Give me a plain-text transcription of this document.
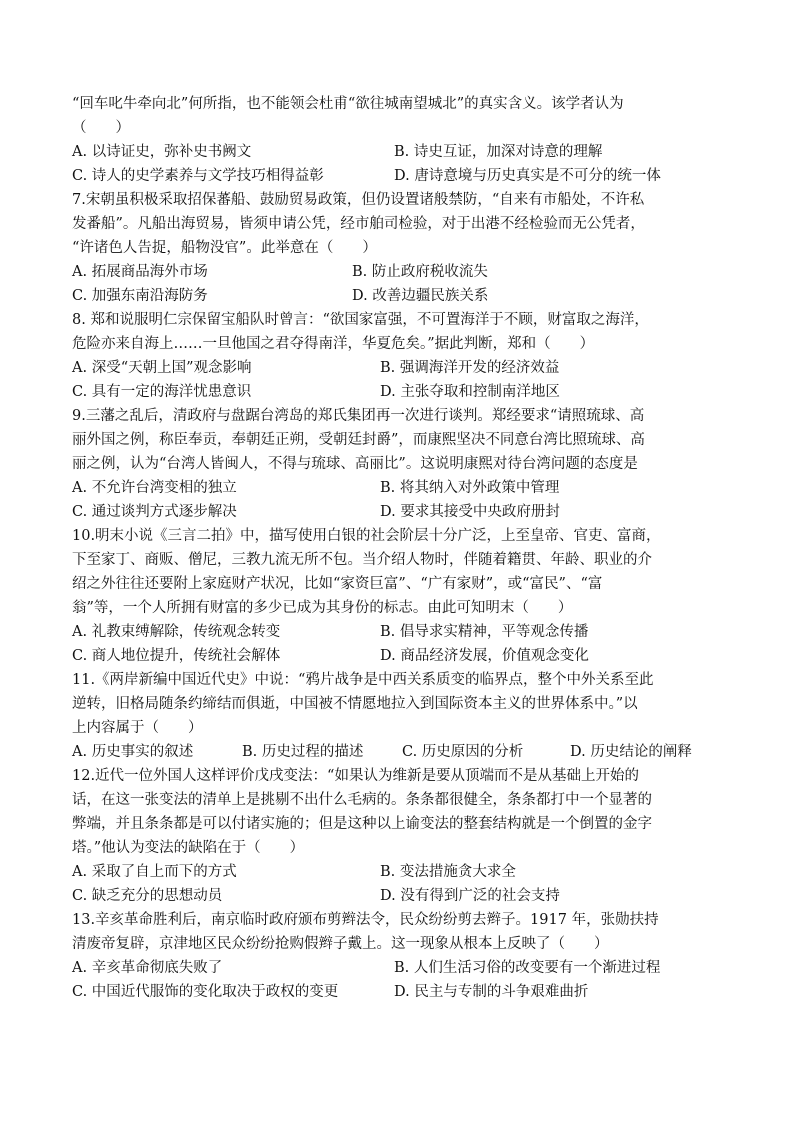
“回车叱牛牵向北”何所指，也不能领会杜甫“欲往城南望城北”的真实含义。该学者认为
（　　）
A. 以诗证史，弥补史书阙文	B. 诗史互证，加深对诗意的理解
C. 诗人的史学素养与文学技巧相得益彰	D. 唐诗意境与历史真实是不可分的统一体
7.宋朝虽积极采取招保蕃船、鼓励贸易政策，但仍设置诸般禁防，“自来有市船处，不许私
发番船”。凡船出海贸易，皆须申请公凭，经市舶司检验，对于出港不经检验而无公凭者，
“许诸色人告捉，船物没官”。此举意在（　　）
A. 拓展商品海外市场	B. 防止政府税收流失
C. 加强东南沿海防务	D. 改善边疆民族关系
8. 郑和说服明仁宗保留宝船队时曾言：“欲国家富强，不可置海洋于不顾，财富取之海洋，
危险亦来自海上……一旦他国之君夺得南洋，华夏危矣。”据此判断，郑和（　　）
A. 深受“天朝上国”观念影响	B. 强调海洋开发的经济效益
C. 具有一定的海洋忧患意识	D. 主张夺取和控制南洋地区
9.三藩之乱后，清政府与盘踞台湾岛的郑氏集团再一次进行谈判。郑经要求“请照琉球、高
丽外国之例，称臣奉贡，奉朝廷正朔，受朝廷封爵”，而康熙坚决不同意台湾比照琉球、高
丽之例，认为“台湾人皆闽人，不得与琉球、高丽比”。这说明康熙对待台湾问题的态度是
A. 不允许台湾变相的独立	B. 将其纳入对外政策中管理
C. 通过谈判方式逐步解决	D. 要求其接受中央政府册封
10.明末小说《三言二拍》中，描写使用白银的社会阶层十分广泛，上至皇帝、官吏、富商，
下至家丁、商贩、僧尼，三教九流无所不包。当介绍人物时，伴随着籍贯、年龄、职业的介
绍之外往往还要附上家庭财产状况，比如“家资巨富”、“广有家财”，或“富民”、“富
翁”等，一个人所拥有财富的多少已成为其身份的标志。由此可知明末（　　）
A. 礼教束缚解除，传统观念转变	B. 倡导求实精神，平等观念传播
C. 商人地位提升，传统社会解体	D. 商品经济发展，价值观念变化
11.《两岸新编中国近代史》中说：“鸦片战争是中西关系质变的临界点，整个中外关系至此
逆转，旧格局随条约缔结而俱逝，中国被不情愿地拉入到国际资本主义的世界体系中。”以
上内容属于（　　）
A. 历史事实的叙述	B. 历史过程的描述	C. 历史原因的分析	D. 历史结论的阐释
12.近代一位外国人这样评价戊戌变法：“如果认为维新是要从顶端而不是从基础上开始的
话，在这一张变法的清单上是挑剔不出什么毛病的。条条都很健全，条条都打中一个显著的
弊端，并且条条都是可以付诸实施的；但是这种以上谕变法的整套结构就是一个倒置的金字
塔。”他认为变法的缺陷在于（　　）
A. 采取了自上而下的方式	B. 变法措施贪大求全
C. 缺乏充分的思想动员	D. 没有得到广泛的社会支持
13.辛亥革命胜利后，南京临时政府颁布剪辫法令，民众纷纷剪去辫子。1917 年，张勋扶持
清废帝复辟，京津地区民众纷纷抢购假辫子戴上。这一现象从根本上反映了（　　）
A. 辛亥革命彻底失败了	B. 人们生活习俗的改变要有一个渐进过程
C. 中国近代服饰的变化取决于政权的变更	D. 民主与专制的斗争艰难曲折
